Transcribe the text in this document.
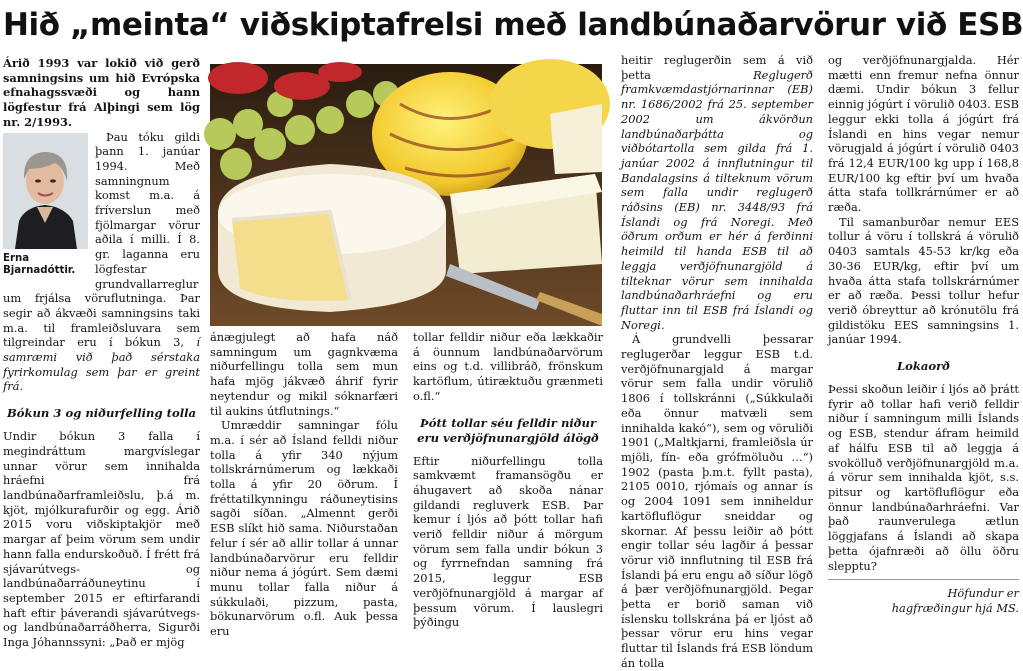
Hið „meinta“ viðskiptafrelsi með landbúnaðarvörur við ESB

Árið 1993 var lokið við gerð samningsins um hið Evrópska efnahagssvæði og hann lögfestur frá Alþingi sem lög nr. 2/1993.

Erna Bjarnadóttir.

Þau tóku gildi þann 1. janúar 1994. Með samningnum komst m.a. á fríverslun með fjölmargar vörur aðila í milli. Í 8. gr. laganna eru lögfestar grundvallarreglur um frjálsa vöruflutninga. Þar segir að ákvæði samningsins taki m.a. til framleiðsluvara sem tilgreindar eru í bókun 3, í samræmi við það sérstaka fyrirkomulag sem þar er greint frá.

Bókun 3 og niðurfelling tolla

Undir bókun 3 falla í megindráttum margvíslegar unnar vörur sem innihalda hráefni frá landbúnaðarframleiðslu, þ.á m. kjöt, mjólkurafurðir og egg. Árið 2015 voru viðskiptakjör með margar af þeim vörum sem undir hann falla endurskoðuð. Í frétt frá sjávarútvegs- og landbúnaðarráðuneytinu í september 2015 er eftirfarandi haft eftir þáverandi sjávarútvegs- og landbúnaðarráðherra, Sigurði Inga Jóhannssyni: „Það er mjög

ánægjulegt að hafa náð samningum um gagnkvæma niðurfellingu tolla sem mun hafa mjög jákvæð áhrif fyrir neytendur og mikil sóknarfæri til aukins útflutnings.“

Umræddir samningar fólu m.a. í sér að Ísland felldi niður tolla á yfir 340 nýjum tollskrárnúmerum og lækkaði tolla á yfir 20 öðrum. Í fréttatilkynningu ráðuneytisins sagði síðan. „Almennt gerði ESB slíkt hið sama. Niðurstaðan felur í sér að allir tollar á unnar landbúnaðarvörur eru felldir niður nema á jógúrt. Sem dæmi munu tollar falla niður á súkkulaði, pizzum, pasta, bökunarvörum o.fl. Auk þessa eru

tollar felldir niður eða lækkaðir á öunnum landbúnaðarvörum eins og t.d. villibráð, frönskum kartöflum, útiræktuðu grænmeti o.fl.“

Þótt tollar séu felldir niður eru verðjöfnunargjöld álögð

Eftir niðurfellingu tolla samkvæmt framansögðu er áhugavert að skoða nánar gildandi regluverk ESB. Þar kemur í ljós að þótt tollar hafi verið felldir niður á mörgum vörum sem falla undir bókun 3 og fyrrnefndan samning frá 2015, leggur ESB verðjöfnunargjöld á margar af þessum vörum. Í lauslegri þýðingu

heitir reglugerðin sem á við þetta Reglugerð framkvæmdastjórnarinnar (EB) nr. 1686/2002 frá 25. september 2002 um ákvörðun landbúnaðarþátta og viðbótartolla sem gilda frá 1. janúar 2002 á innflutningur til Bandalagsins á tilteknum vörum sem falla undir reglugerð ráðsins (EB) nr. 3448/93 frá Íslandi og frá Noregi. Með öðrum orðum er hér á ferðinni heimild til handa ESB til að leggja verðjöfnunargjöld á tilteknar vörur sem innihalda landbúnaðarhráefni og eru fluttar inn til ESB frá Íslandi og Noregi.

Á grundvelli þessarar reglugerðar leggur ESB t.d. verðjöfnunargjald á margar vörur sem falla undir vörulið 1806 í tollskránni („Súkkulaði eða önnur matvæli sem innihalda kakó“), sem og vöruliði 1901 („Maltkjarni, framleiðsla úr mjöli, fín- eða grófmöluðu …“) 1902 (pasta þ.m.t. fyllt pasta), 2105 0010, rjómaís og annar ís og 2004 1091 sem inniheldur kartöfluflögur sneiddar og skornar. Af þessu leiðir að þótt engir tollar séu lagðir á þessar vörur við innflutning til ESB frá Íslandi þá eru engu að síður lögð á þær verðjöfnunargjöld. Þegar þetta er borið saman við íslensku tollskrána þá er ljóst að þessar vörur eru hins vegar fluttar til Íslands frá ESB löndum án tolla

og verðjöfnunargjalda. Hér mætti enn fremur nefna önnur dæmi. Undir bókun 3 fellur einnig jógúrt í vörulið 0403. ESB leggur ekki tolla á jógúrt frá Íslandi en hins vegar nemur vörugjald á jógúrt í vörulið 0403 frá 12,4 EUR/100 kg upp í 168,8 EUR/100 kg eftir því um hvaða átta stafa tollkrárnúmer er að ræða.

Til samanburðar nemur EES tollur á vöru í tollskrá á vörulið 0403 samtals 45-53 kr/kg eða 30-36 EUR/kg, eftir því um hvaða átta stafa tollskrárnúmer er að ræða. Þessi tollur hefur verið óbreyttur að krónutölu frá gildistöku EES samningsins 1. janúar 1994.

Lokaorð

Þessi skoðun leiðir í ljós að þrátt fyrir að tollar hafi verið felldir niður í samningum milli Íslands og ESB, stendur áfram heimild af hálfu ESB til að leggja á svokölluð verðjöfnunargjöld m.a. á vörur sem innihalda kjöt, s.s. pitsur og kartöfluflögur eða önnur landbúnaðarhráefni. Var það raunverulega ætlun löggjafans á Íslandi að skapa þetta ójafnræði að öllu öðru slepptu?

Höfundur er
hagfræðingur hjá MS.
